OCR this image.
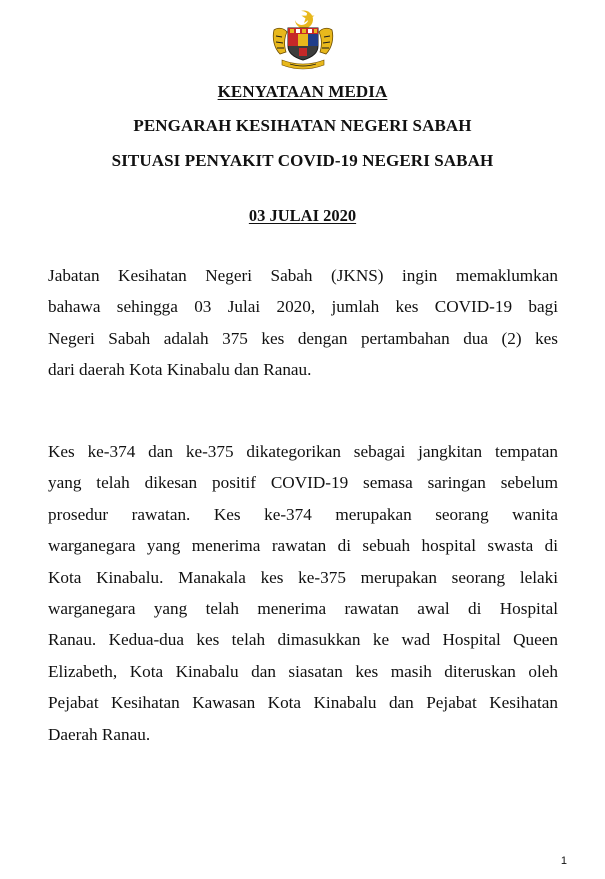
KENYATAAN MEDIA
PENGARAH KESIHATAN NEGERI SABAH
SITUASI PENYAKIT COVID-19 NEGERI SABAH
03 JULAI 2020
Jabatan Kesihatan Negeri Sabah (JKNS) ingin memaklumkan
bahawa sehingga 03 Julai 2020, jumlah kes COVID-19 bagi
Negeri Sabah adalah 375 kes dengan pertambahan dua (2) kes
dari daerah Kota Kinabalu dan Ranau.
Kes ke-374 dan ke-375 dikategorikan sebagai jangkitan tempatan
yang telah dikesan positif COVID-19 semasa saringan sebelum
prosedur rawatan. Kes ke-374 merupakan seorang wanita
warganegara yang menerima rawatan di sebuah hospital swasta di
Kota Kinabalu. Manakala kes ke-375 merupakan seorang lelaki
warganegara yang telah menerima rawatan awal di Hospital
Ranau. Kedua-dua kes telah dimasukkan ke wad Hospital Queen
Elizabeth, Kota Kinabalu dan siasatan kes masih diteruskan oleh
Pejabat Kesihatan Kawasan Kota Kinabalu dan Pejabat Kesihatan
Daerah Ranau.
1
